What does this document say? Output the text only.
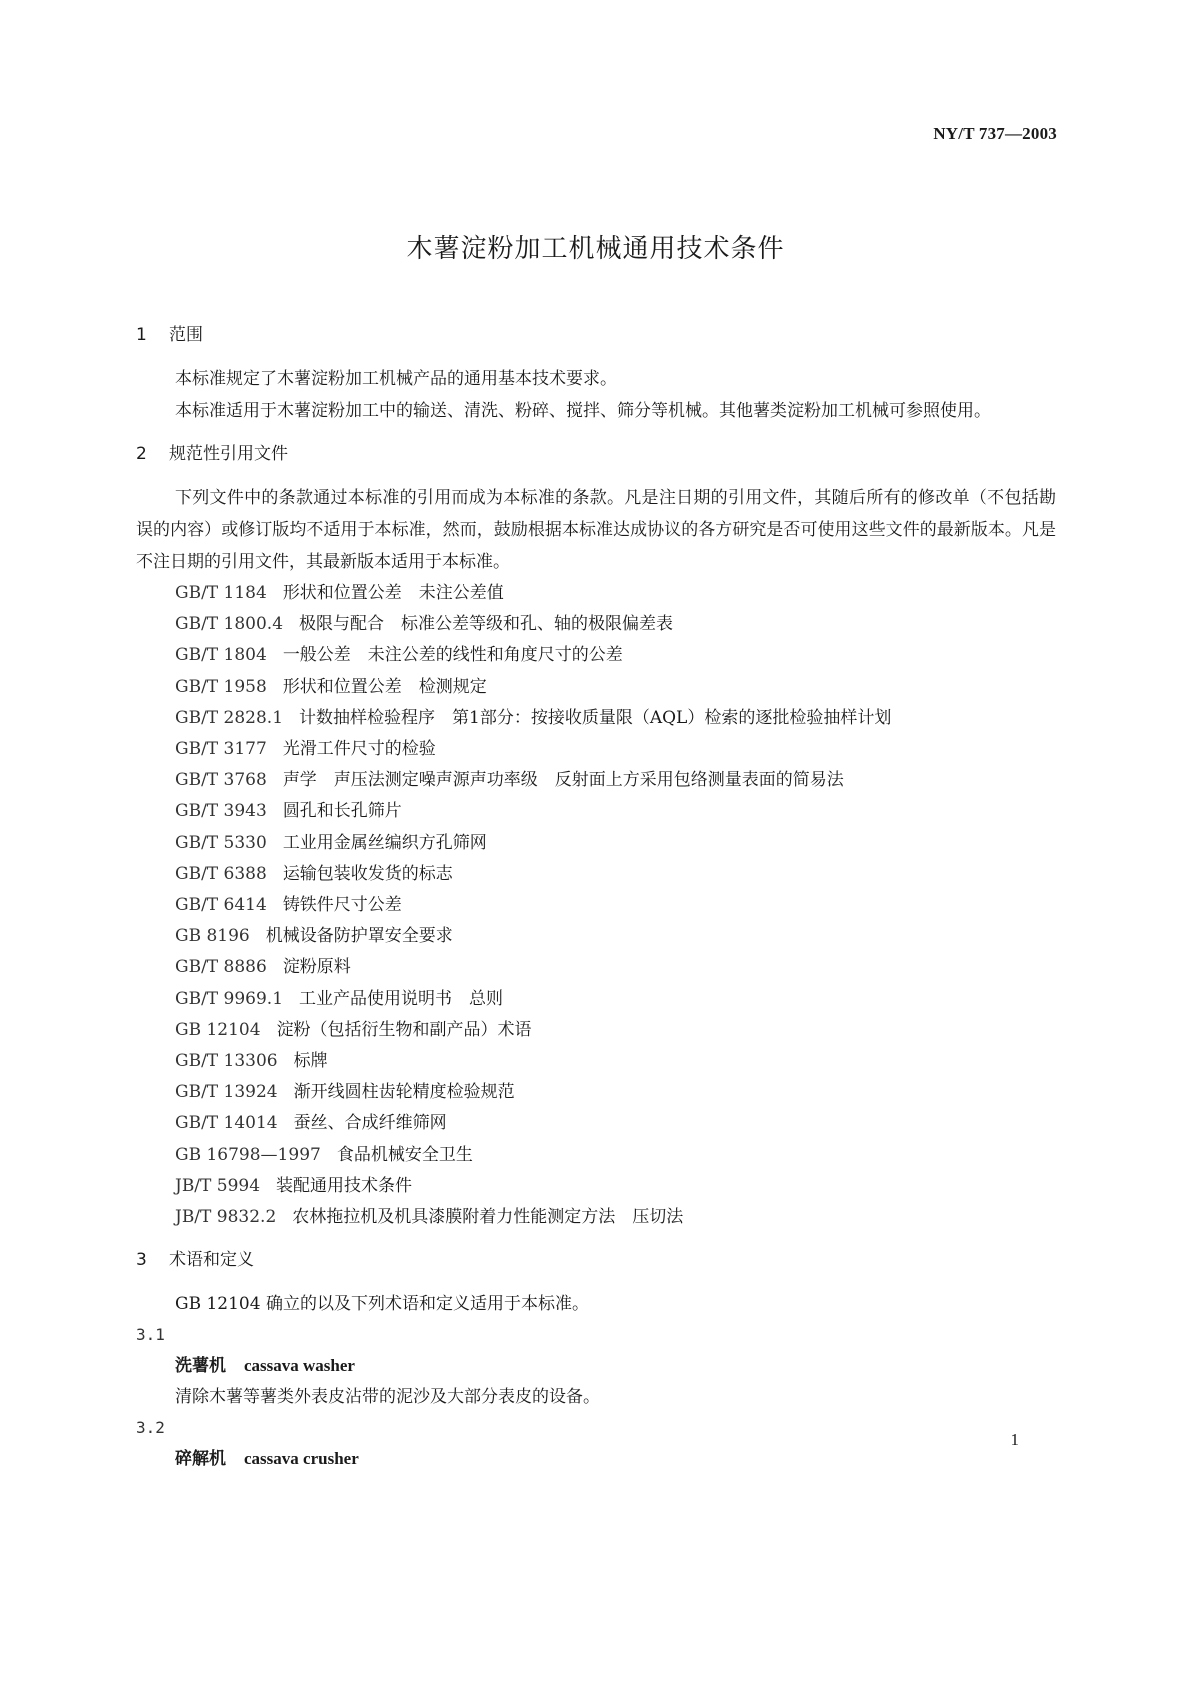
NY/T 737—2003
木薯淀粉加工机械通用技术条件
1 范围

本标准规定了木薯淀粉加工机械产品的通用基本技术要求。

本标准适用于木薯淀粉加工中的输送、清洗、粉碎、搅拌、筛分等机械。其他薯类淀粉加工机械可参照使用。

2 规范性引用文件

下列文件中的条款通过本标准的引用而成为本标准的条款。凡是注日期的引用文件，其随后所有的修改单（不包括勘误的内容）或修订版均不适用于本标准，然而，鼓励根据本标准达成协议的各方研究是否可使用这些文件的最新版本。凡是不注日期的引用文件，其最新版本适用于本标准。

GB/T 1184 形状和位置公差　未注公差值
GB/T 1800.4 极限与配合　标准公差等级和孔、轴的极限偏差表
GB/T 1804 一般公差　未注公差的线性和角度尺寸的公差
GB/T 1958 形状和位置公差　检测规定
GB/T 2828.1 计数抽样检验程序　第1部分：按接收质量限（AQL）检索的逐批检验抽样计划
GB/T 3177 光滑工件尺寸的检验
GB/T 3768 声学　声压法测定噪声源声功率级　反射面上方采用包络测量表面的简易法
GB/T 3943 圆孔和长孔筛片
GB/T 5330 工业用金属丝编织方孔筛网
GB/T 6388 运输包装收发货的标志
GB/T 6414 铸铁件尺寸公差
GB 8196 机械设备防护罩安全要求
GB/T 8886 淀粉原料
GB/T 9969.1 工业产品使用说明书　总则
GB 12104 淀粉（包括衍生物和副产品）术语
GB/T 13306 标牌
GB/T 13924 渐开线圆柱齿轮精度检验规范
GB/T 14014 蚕丝、合成纤维筛网
GB 16798—1997 食品机械安全卫生
JB/T 5994 装配通用技术条件
JB/T 9832.2 农林拖拉机及机具漆膜附着力性能测定方法　压切法
3 术语和定义

GB 12104 确立的以及下列术语和定义适用于本标准。

3.1
洗薯机 cassava washer

清除木薯等薯类外表皮沾带的泥沙及大部分表皮的设备。

3.2
碎解机 cassava crusher
1
